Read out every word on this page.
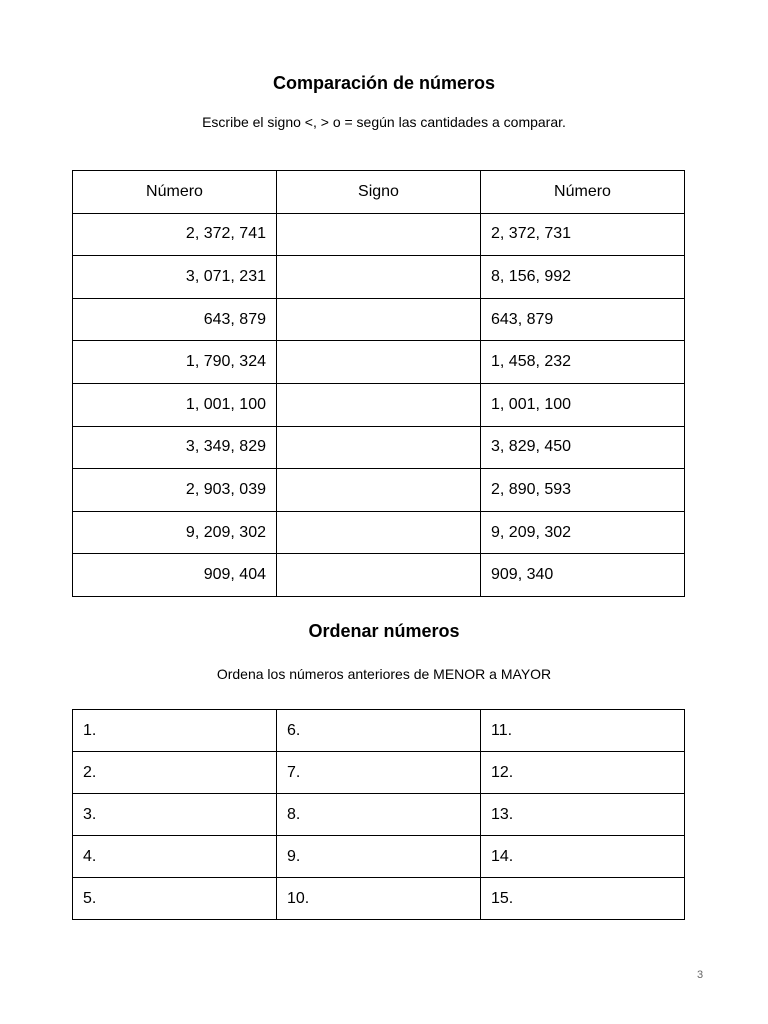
Comparación de números
Escribe el signo <, > o = según las cantidades a comparar.
Número	Signo	Número
2, 372, 741		2, 372, 731
3, 071, 231		8, 156, 992
643, 879		643, 879
1, 790, 324		1, 458, 232
1, 001, 100		1, 001, 100
3, 349, 829		3, 829, 450
2, 903, 039		2, 890, 593
9, 209, 302		9, 209, 302
909, 404		909, 340
Ordenar números
Ordena los números anteriores de MENOR a MAYOR
1.	6.	11.
2.	7.	12.
3.	8.	13.
4.	9.	14.
5.	10.	15.
3
